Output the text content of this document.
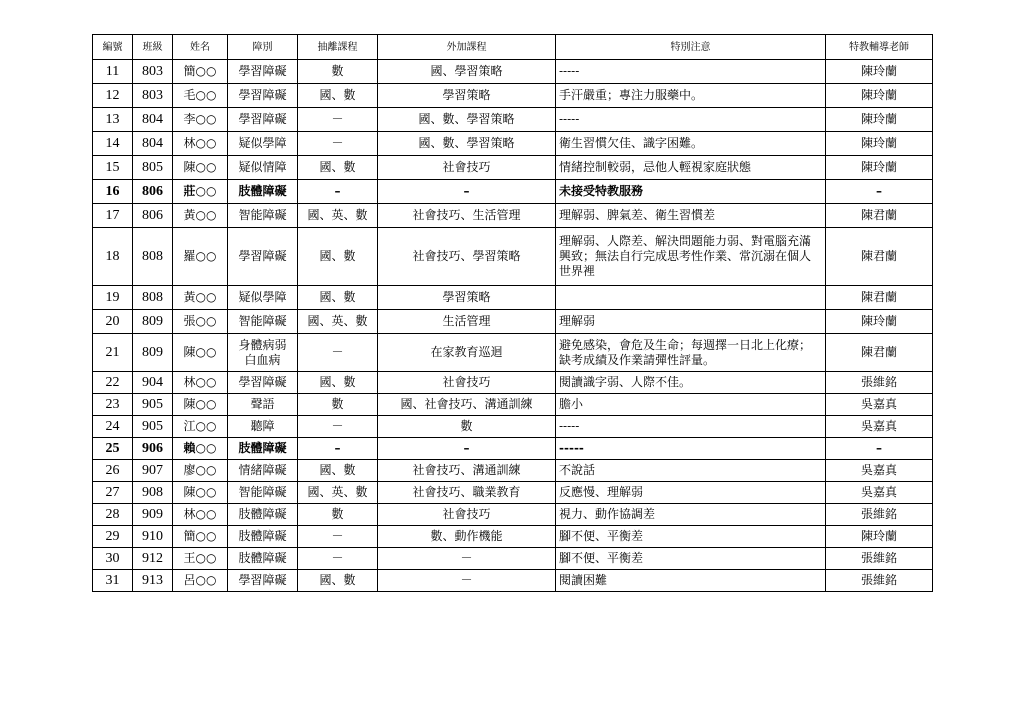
編號	班級	姓名	障別	抽離課程	外加課程	特別注意	特教輔導老師
11	803	簡○○	學習障礙	數	國、學習策略	-----	陳玲蘭
12	803	毛○○	學習障礙	國、數	學習策略	手汗嚴重；專注力服藥中。	陳玲蘭
13	804	李○○	學習障礙	－	國、數、學習策略	-----	陳玲蘭
14	804	林○○	疑似學障	－	國、數、學習策略	衛生習慣欠佳、識字困難。	陳玲蘭
15	805	陳○○	疑似情障	國、數	社會技巧	情緒控制較弱，忌他人輕視家庭狀態	陳玲蘭
16	806	莊○○	肢體障礙	–	–	未接受特教服務	–
17	806	黃○○	智能障礙	國、英、數	社會技巧、生活管理	理解弱、脾氣差、衛生習慣差	陳君蘭
18	808	羅○○	學習障礙	國、數	社會技巧、學習策略	理解弱、人際差、解決問題能力弱、對電腦充滿興致；無法自行完成思考性作業、常沉溺在個人世界裡	陳君蘭
19	808	黃○○	疑似學障	國、數	學習策略		陳君蘭
20	809	張○○	智能障礙	國、英、數	生活管理	理解弱	陳玲蘭
21	809	陳○○	身體病弱 白血病	－	在家教育巡迴	避免感染，會危及生命；每週擇一日北上化療；缺考成績及作業請彈性評量。	陳君蘭
22	904	林○○	學習障礙	國、數	社會技巧	閱讀識字弱、人際不佳。	張維銘
23	905	陳○○	聲語	數	國、社會技巧、溝通訓練	膽小	吳嘉真
24	905	江○○	聽障	－	數	-----	吳嘉真
25	906	賴○○	肢體障礙	–	–	-----	–
26	907	廖○○	情緒障礙	國、數	社會技巧、溝通訓練	不說話	吳嘉真
27	908	陳○○	智能障礙	國、英、數	社會技巧、職業教育	反應慢、理解弱	吳嘉真
28	909	林○○	肢體障礙	數	社會技巧	視力、動作協調差	張維銘
29	910	簡○○	肢體障礙	－	數、動作機能	腳不便、平衡差	陳玲蘭
30	912	王○○	肢體障礙	－	－	腳不便、平衡差	張維銘
31	913	呂○○	學習障礙	國、數	－	閱讀困難	張維銘
